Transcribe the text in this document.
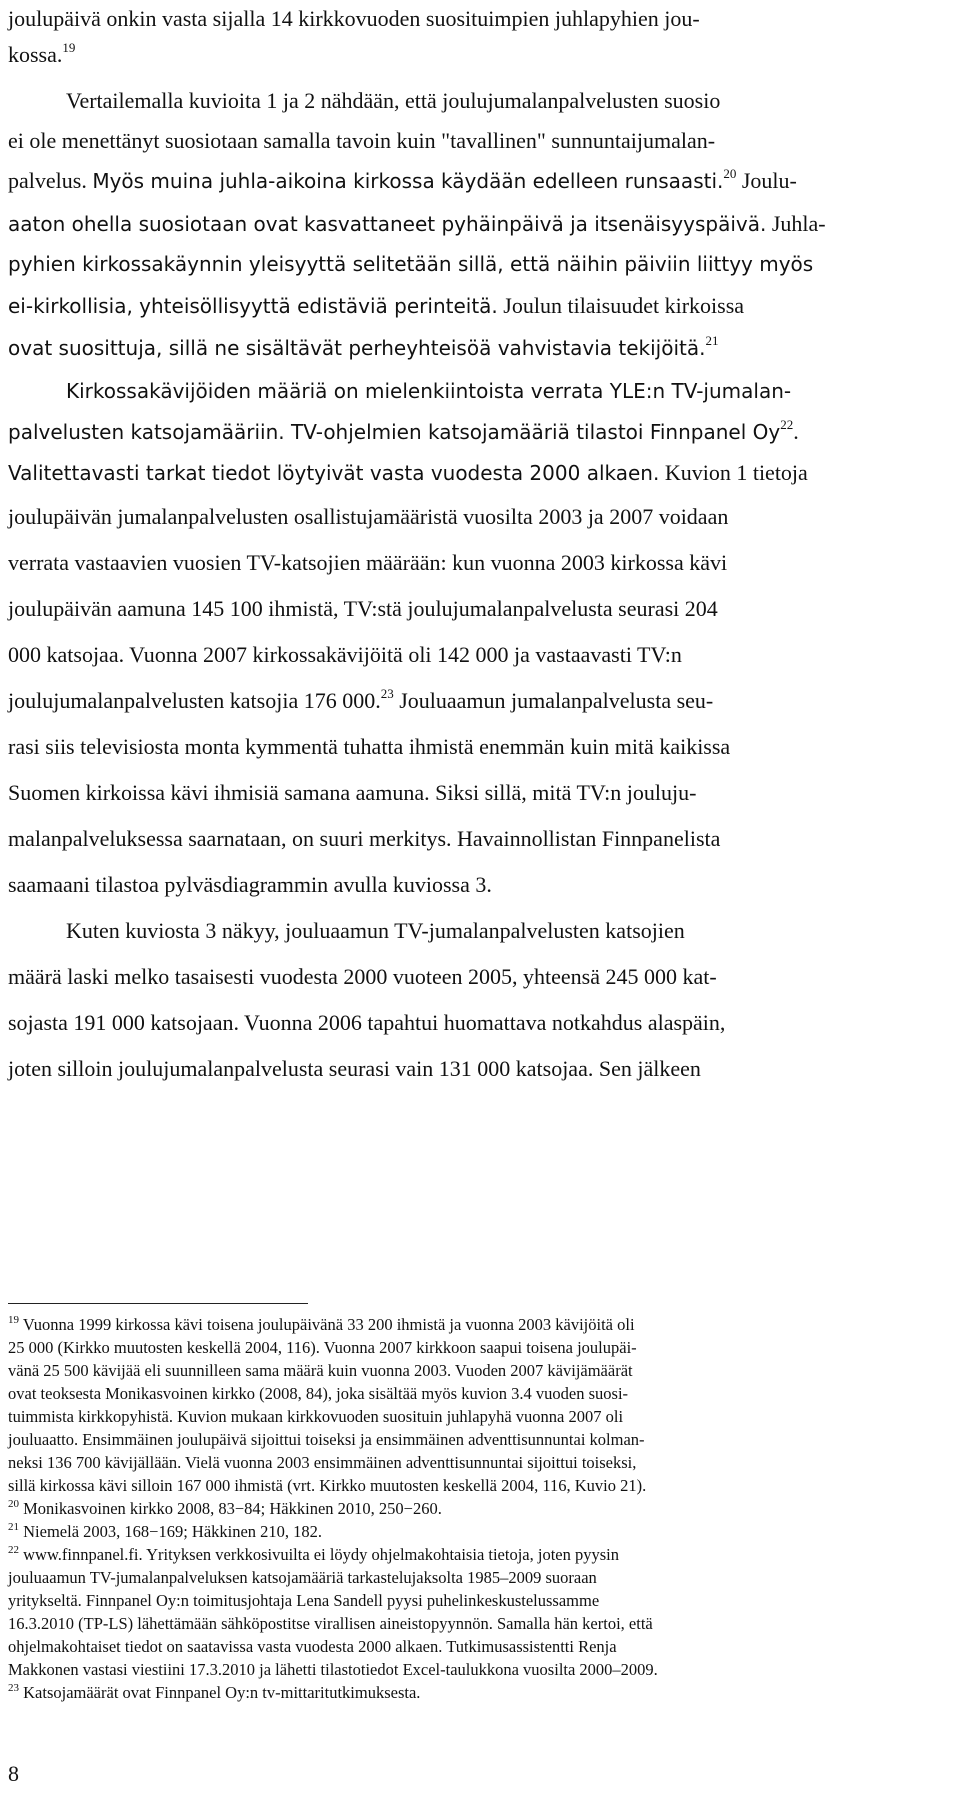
joulupäivä onkin vasta sijalla 14 kirkkovuoden suosituimpien juhlapyhien jou-
kossa.$^{19}$
Vertailemalla kuvioita 1 ja 2 nähdään, että joulujumalanpalvelusten suosio
ei ole menettänyt suosiotaan samalla tavoin kuin "tavallinen" sunnuntaijumalan-
palvelus. Myös muina juhla-aikoina kirkossa käydään edelleen runsaasti.$^{20}$ Joulu-
aaton ohella suosiotaan ovat kasvattaneet pyhäinpäivä ja itsenäisyyspäivä. Juhla-
pyhien kirkossakäynnin yleisyyttä selitetään sillä, että näihin päiviin liittyy myös
ei-kirkollisia, yhteisöllisyyttä edistäviä perinteitä. Joulun tilaisuudet kirkoissa
ovat suosittuja, sillä ne sisältävät perheyhteisöä vahvistavia tekijöitä.$^{21}$
Kirkossakävijöiden määriä on mielenkiintoista verrata YLE:n TV-jumalan-
palvelusten katsojamääriin. TV-ohjelmien katsojamääriä tilastoi Finnpanel Oy$^{22}$.
Valitettavasti tarkat tiedot löytyivät vasta vuodesta 2000 alkaen. Kuvion 1 tietoja
joulupäivän jumalanpalvelusten osallistujamääristä vuosilta 2003 ja 2007 voidaan
verrata vastaavien vuosien TV-katsojien määrään: kun vuonna 2003 kirkossa kävi
joulupäivän aamuna 145 100 ihmistä, TV:stä joulujumalanpalvelusta seurasi 204
000 katsojaa. Vuonna 2007 kirkossakävijöitä oli 142 000 ja vastaavasti TV:n
joulujumalanpalvelusten katsojia 176 000.23 Jouluaamun jumalanpalvelusta seu-
rasi siis televisiosta monta kymmentä tuhatta ihmistä enemmän kuin mitä kaikissa
Suomen kirkoissa kävi ihmisiä samana aamuna. Siksi sillä, mitä TV:n jouluju-
malanpalveluksessa saarnataan, on suuri merkitys. Havainnollistan Finnpanelista
saamaani tilastoa pylväsdiagrammin avulla kuviossa 3.
Kuten kuviosta 3 näkyy, jouluaamun TV-jumalanpalvelusten katsojien
määrä laski melko tasaisesti vuodesta 2000 vuoteen 2005, yhteensä 245 000 kat-
sojasta 191 000 katsojaan. Vuonna 2006 tapahtui huomattava notkahdus alaspäin,
joten silloin joulujumalanpalvelusta seurasi vain 131 000 katsojaa. Sen jälkeen
$^{19}$ Vuonna 1999 kirkossa kävi toisena joulupäivänä 33 200 ihmistä ja vuonna 2003 kävijöitä oli
25 000 (Kirkko muutosten keskellä 2004, 116). Vuonna 2007 kirkkoon saapui toisena joulupäi-
vänä 25 500 kävijää eli suunnilleen sama määrä kuin vuonna 2003. Vuoden 2007 kävijämäärät
ovat teoksesta Monikasvoinen kirkko (2008, 84), joka sisältää myös kuvion 3.4 vuoden suosi-
tuimmista kirkkopyhistä. Kuvion mukaan kirkkovuoden suosituin juhlapyhä vuonna 2007 oli
jouluaatto. Ensimmäinen joulupäivä sijoittui toiseksi ja ensimmäinen adventtisunnuntai kolman-
neksi 136 700 kävijällään. Vielä vuonna 2003 ensimmäinen adventtisunnuntai sijoittui toiseksi,
sillä kirkossa kävi silloin 167 000 ihmistä (vrt. Kirkko muutosten keskellä 2004, 116, Kuvio 21).
$^{20}$ Monikasvoinen kirkko 2008, 83−84; Häkkinen 2010, 250−260.
$^{21}$ Niemelä 2003, 168−169; Häkkinen 210, 182.
$^{22}$ www.finnpanel.fi. Yrityksen verkkosivuilta ei löydy ohjelmakohtaisia tietoja, joten pyysin
jouluaamun TV-jumalanpalveluksen katsojamääriä tarkastelujaksolta 1985–2009 suoraan
yritykseltä. Finnpanel Oy:n toimitusjohtaja Lena Sandell pyysi puhelinkeskustelussamme
16.3.2010 (TP-LS) lähettämään sähköpostitse virallisen aineistopyynnön. Samalla hän kertoi, että
ohjelmakohtaiset tiedot on saatavissa vasta vuodesta 2000 alkaen. Tutkimusassistentti Renja
Makkonen vastasi viestiini 17.3.2010 ja lähetti tilastotiedot Excel-taulukkona vuosilta 2000–2009.
$^{23}$ Katsojamäärät ovat Finnpanel Oy:n tv-mittaritutkimuksesta.
8
